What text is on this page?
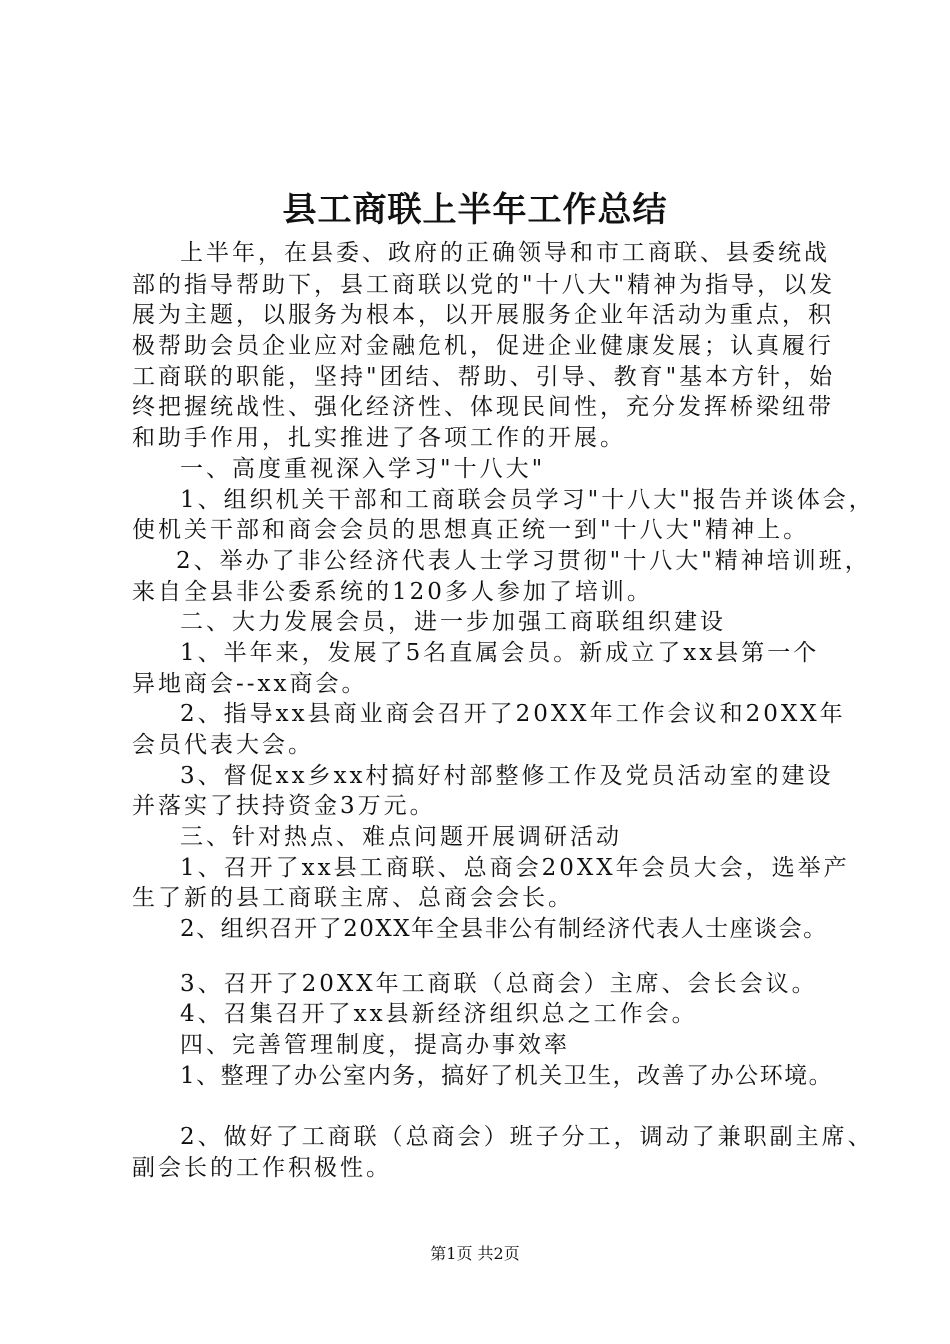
县工商联上半年工作总结
上半年，在县委、政府的正确领导和市工商联、县委统战
部的指导帮助下，县工商联以党的"十八大"精神为指导，以发
展为主题，以服务为根本，以开展服务企业年活动为重点，积
极帮助会员企业应对金融危机，促进企业健康发展；认真履行
工商联的职能，坚持"团结、帮助、引导、教育"基本方针，始
终把握统战性、强化经济性、体现民间性，充分发挥桥梁纽带
和助手作用，扎实推进了各项工作的开展。
一、高度重视深入学习"十八大"
1、组织机关干部和工商联会员学习"十八大"报告并谈体会，
使机关干部和商会会员的思想真正统一到"十八大"精神上。
2、举办了非公经济代表人士学习贯彻"十八大"精神培训班，
来自全县非公委系统的120多人参加了培训。
二、大力发展会员，进一步加强工商联组织建设
1、半年来，发展了5名直属会员。新成立了xx县第一个
异地商会--xx商会。
2、指导xx县商业商会召开了20XX年工作会议和20XX年
会员代表大会。
3、督促xx乡xx村搞好村部整修工作及党员活动室的建设
并落实了扶持资金3万元。
三、针对热点、难点问题开展调研活动
1、召开了xx县工商联、总商会20XX年会员大会，选举产
生了新的县工商联主席、总商会会长。
2、组织召开了20XX年全县非公有制经济代表人士座谈会。
3、召开了20XX年工商联（总商会）主席、会长会议。
4、召集召开了xx县新经济组织总之工作会。
四、完善管理制度，提高办事效率
1、整理了办公室内务，搞好了机关卫生，改善了办公环境。
2、做好了工商联（总商会）班子分工，调动了兼职副主席、
副会长的工作积极性。
第1页 共2页
